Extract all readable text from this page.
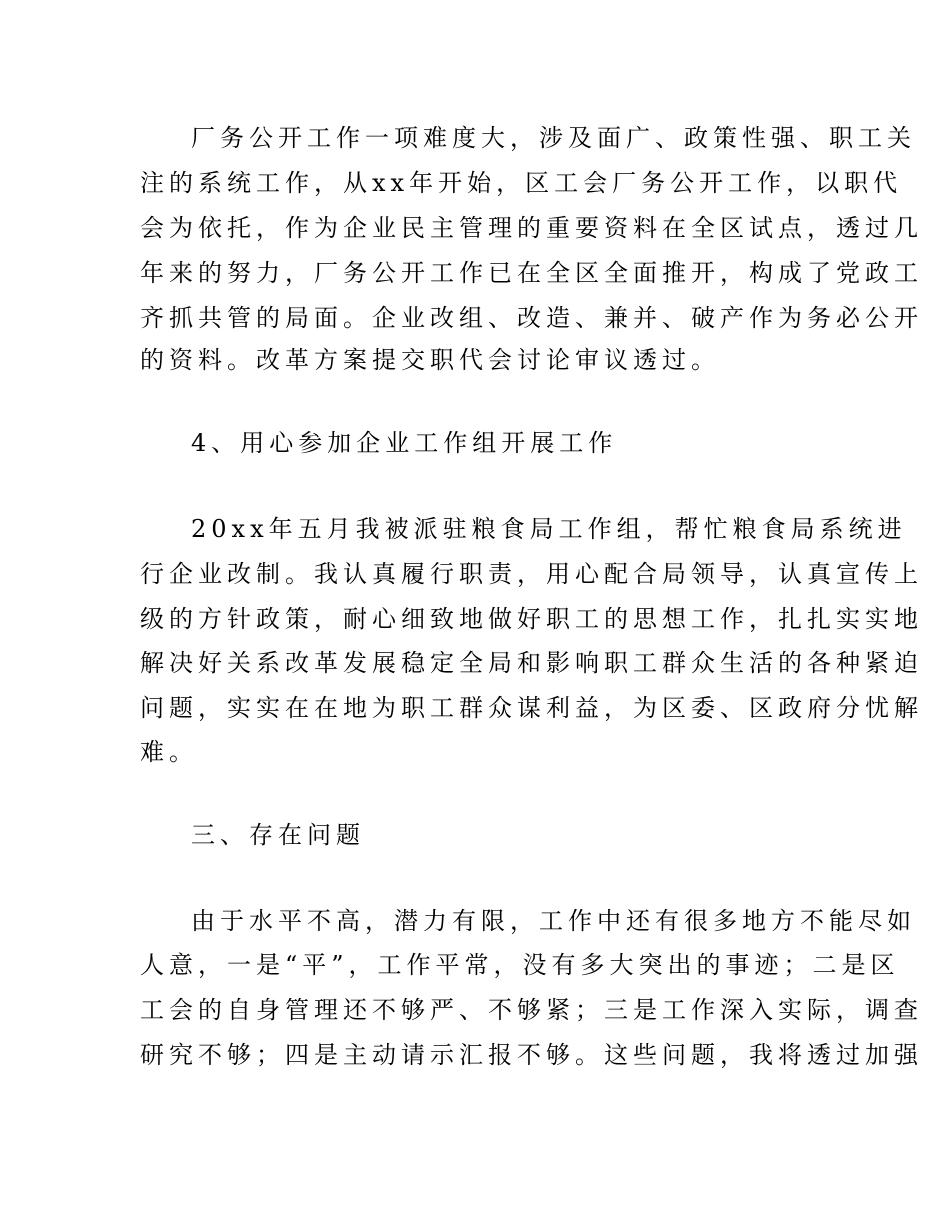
厂务公开工作一项难度大，涉及面广、政策性强、职工关
注的系统工作，从xx年开始，区工会厂务公开工作，以职代
会为依托，作为企业民主管理的重要资料在全区试点，透过几
年来的努力，厂务公开工作已在全区全面推开，构成了党政工
齐抓共管的局面。企业改组、改造、兼并、破产作为务必公开
的资料。改革方案提交职代会讨论审议透过。
4、用心参加企业工作组开展工作
20xx年五月我被派驻粮食局工作组，帮忙粮食局系统进
行企业改制。我认真履行职责，用心配合局领导，认真宣传上
级的方针政策，耐心细致地做好职工的思想工作，扎扎实实地
解决好关系改革发展稳定全局和影响职工群众生活的各种紧迫
问题，实实在在地为职工群众谋利益，为区委、区政府分忧解
难。
三、存在问题
由于水平不高，潜力有限，工作中还有很多地方不能尽如
人意，一是“平”，工作平常，没有多大突出的事迹；二是区
工会的自身管理还不够严、不够紧；三是工作深入实际，调查
研究不够；四是主动请示汇报不够。这些问题，我将透过加强
